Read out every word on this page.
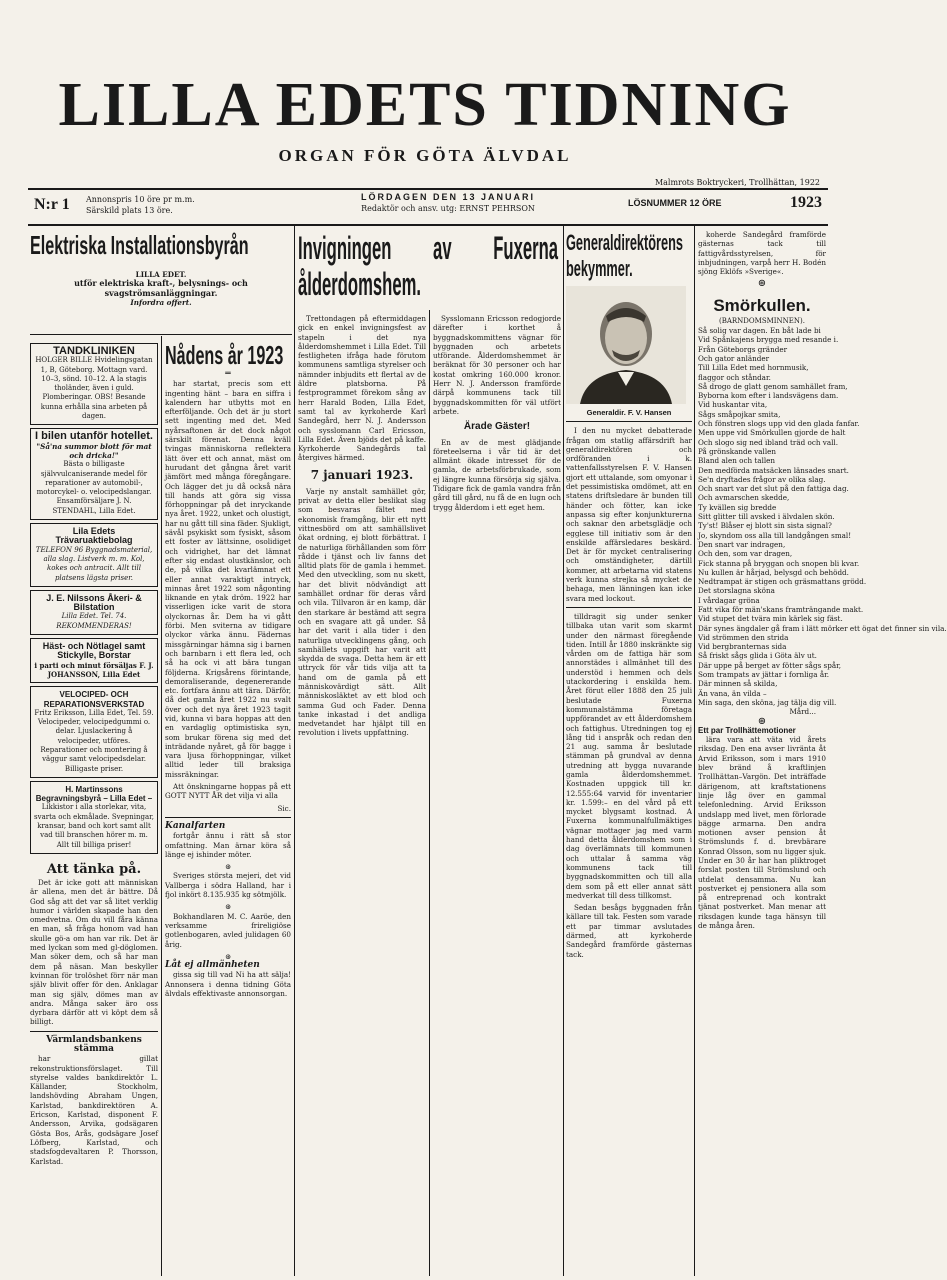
LILLA EDETS TIDNING
ORGAN FÖR GÖTA ÄLVDAL
Malmrots Boktryckeri, Trollhättan, 1922
N:r 1 Annonspris 10 öre pr m.m.
Särskild plats 13 öre.
LÖRDAGEN DEN 13 JANUARI
Redaktör och ansv. utg: ERNST PEHRSON
LÖSNUMMER 12 ÖRE	1923
Elektriska Installationsbyrån
LILLA EDET.
utför elektriska kraft-, belysnings- och svagströmsanläggningar.
Infordra offert.
TANDKLINIKEN
HOLGER BILLE Hvidelingsgatan 1, B, Göteborg. Mottagn vard. 10–3, sönd. 10–12. A la stagis tholänder, även i guld. Plomberingar. OBS! Besande kunna erhålla sina arbeten på dagen.
I bilen utanför hotellet.
"Så'na summor blott för mat och dricka!"
Bästa o billigaste självvulcaniserande medel för reparationer av automobil-, motorcykel- o. velocipedslangar. Ensamförsäljare J. N. STENDAHL, Lilla Edet.
Lila Edets Trävaruaktiebolag
TELEFON 96 Byggnadsmaterial, alla slag. Listverk m. m. Kol, kokes och antracit. Allt till platsens lägsta priser.
J. E. Nilssons Åkeri- & Bilstation
Lilla Edet. Tel. 74. REKOMMENDERAS!
Häst- och Nötlagel samt Stickylle, Borstar
i parti och minut försäljas F. J. JOHANSSON, Lilla Edet
VELOCIPED- OCH REPARATIONSVERKSTAD
Fritz Eriksson, Lilla Edet, Tel. 59. Velocipeder, velocipedgummi o. delar. Ljuslackering å velocipeder, utföres. Reparationer och montering å väggur samt velocipedsdelar. Billigaste priser.
H. Martinssons Begravningsbyrå – Lilla Edet –
Likkistor i alla storlekar, vita, svarta och ekmålade. Svepningar, kransar, band och kort samt allt vad till branschen hörer m. m. Allt till billiga priser!
Att tänka på.

Det är icke gott att människan är allena, men det är bättre. Då God såg att det var så litet verklig humor i världen skapade han den omedvetna. Om du vill fåra känna en man, så fråga honom vad han skulle gö-a om han var rik. Det är med lyckan som med gl-döglomen. Man söker dem, och så har man dem på näsan. Man beskyller kvinnan för trolöshet förr när man själv blivit offer för den. Anklagar man sig själv, dömes man av andra. Många saker äro oss dyrbara därför att vi köpt dem så billigt.

Värmlandsbankens stämma

har gillat rekonstruktionsförslaget. Till styrelse valdes bankdirektör L. Källander, Stockholm, landshövding Abraham Ungen, Karlstad, bankdirektören A. Ericson, Karlstad, disponent F. Andersson, Arvika, godsägaren Gösta Bos, Arås, godsägare Josef Löfberg, Karlstad, och stadsfogdevaltaren P. Thorsson, Karlstad.

Nådens år 1923
═

har startat, precis som ett ingenting hänt – bara en siffra i kalendern har utbytts mot en efterföljande. Och det är ju stort sett ingenting med det. Med nyårsaftonen är det dock något särskilt förenat. Denna kväll tvingas människorna reflektera lätt över ett och annat, mäst om hurudant det gångna året varit jämfört med många föregångare. Och lägger det ju då också nära till hands att göra sig vissa förhoppningar på det inryckande nya året. 1922, unket och olustigt, har nu gått till sina fäder. Sjukligt, sävål psykiskt som fysiskt, såsom ett foster av lättsinne, osolidiget och vidrighet, har det lämnat efter sig endast olustkänslor, och de, på vilka det kvarlämnat ett eller annat varaktigt intryck, minnas året 1922 som någonting liknande en ytak dröm. 1922 har visserligen icke varit de stora olyckornas år. Dem ha vi gått förbi. Men sviterna av tidigare olyckor värka ännu. Fädernas missgärningar hämna sig i barnen och barnbarn i ett flera led, och så ha ock vi att bära tungan följderna. Krigsårens förintande, demoraliserande, degenererande etc. fortfara ännu att tära. Därför, då det gamla året 1922 nu svalt över och det nya året 1923 tagit vid, kunna vi bara hoppas att den en vardaglig optimistiska syn, som brukar förena sig med det inträdande nyåret, gå för bagge i vara ljusa förhoppningar, vilket alltid leder till braksiga missräkningar.

Att önskningarne hoppas på ett GOTT NYTT ÅR det vilja vi alla

Sic.
Kanalfarten

fortgår ännu i rätt så stor omfattning. Man ärnar köra så länge ej ishinder möter.

⊛

Sveriges största mejeri, det vid Vallberga i södra Halland, har i fjol inkört 8.135.935 kg sötmjölk.

⊛

Bokhandlaren M. C. Aaröe, den verksamme frireligiöse gotlenbogaren, avled julidagen 60 årig.

⊛
Låt ej allmänheten

gissa sig till vad Ni ha att sälja! Annonsera i denna tidning Göta älvdals effektivaste annonsorgan.

Invigningen av Fuxerna ålderdomshem.

Trettondagen på eftermiddagen gick en enkel invigningsfest av stapeln i det nya ålderdomshemmet i Lilla Edet. Till festligheten ifråga hade förutom kommunens samtliga styrelser och nämnder inbjudits ett flertal av de äldre platsborna. På festprogrammet förekom sång av herr Harald Boden, Lilla Edet, samt tal av kyrkoherde Karl Sandegård, herr N. J. Andersson och sysslomann Carl Ericsson, Lilla Edet. Även bjöds det på kaffe. Kyrkoherde Sandegårds tal återgives härmed.

7 januari 1923.

Varje ny anstalt samhället gör, privat av detta eller beslikat slag som besvaras fältet med ekonomisk framgång, blir ett nytt vittnesbörd om att samhällslivet ökat ordning, ej blott förbättrat. I de naturliga förhållanden som förr rådde i tjänst och liv fanns det alltid plats för de gamla i hemmet. Med den utveckling, som nu skett, har det blivit nödvändigt att samhället ordnar för deras vård och vila. Tillvaron är en kamp, där den starkare är bestämd att segra och en svagare att gå under. Så har det varit i alla tider i den naturliga utvecklingens gång, och samhällets uppgift har varit att skydda de svaga. Detta hem är ett uttryck för vår tids vilja att ta hand om de gamla på ett människovärdigt sätt. Allt människosläktet av ett blod och samma Gud och Fader. Denna tanke inkastad i det andliga medvetandet har hjälpt till en revolution i livets uppfattning.

Sysslomann Ericsson redogjorde därefter i korthet å byggnadskommittens vägnar för byggnaden och arbetets utförande. Ålderdomshemmet är beräknat för 30 personer och har kostat omkring 160.000 kronor. Herr N. J. Andersson framförde därpå kommunens tack till byggnadskommitten för väl utfört arbete.

Ärade Gäster!

En av de mest glädjande företeelserna i vår tid är det allmänt ökade intresset för de gamla, de arbetsförbrukade, som ej längre kunna försörja sig själva. Tidigare fick de gamla vandra från gård till gård, nu få de en lugn och trygg ålderdom i ett eget hem.

Generaldirektörens bekymmer.
Generaldir. F. V. Hansen

I den nu mycket debatterade frågan om statlig affärsdrift har generaldirektören och ordföranden i k. vattenfallsstyrelsen F. V. Hansen gjort ett uttalande, som omyonar i det pessimistiska omdömet, att en statens driftsledare är bunden till händer och fötter, kan icke anpassa sig efter konjunkturerna och saknar den arbetsglädje och egglese till initiativ som är den enskilde affärsledares beskärd. Det är för mycket centralisering och omständigheter, därtill kommer, att arbetarna vid statens verk kunna strejka så mycket de behaga, men länningen kan icke svara med lockout.

tilldragit sig under senker tillbaka utan varit som skarmt under den närmast föregående tiden. Intill år 1880 inskränkte sig vården om de fattiga här som annorstädes i allmänhet till des understöd i hemmen och dels utackordering i enskilda hem. Året förut eller 1888 den 25 juli beslutade Fuxerna kommunalstämma företaga uppförandet av ett ålderdomshem och fattighus. Utredningen tog ej lång tid i anspråk och redan den 21 aug. samma år beslutade stämman på grundval av denna utredning att bygga nuvarande gamla ålderdomshemmet. Kostnaden uppgick till kr. 12.555:64 varvid för inventarier kr. 1.599:– en del vård på ett mycket blygsamt kostnad. A Fuxerna kommunalfullmäktiges vägnar mottager jag med varm hand detta ålderdomshem som i dag överlämnats till kommunen och uttalar å samma väg kommunens tack till byggnadskommitten och till alla dem som på ett eller annat sätt medverkat till dess tillkomst.

Sedan besågs byggnaden från källare till tak. Festen som varade ett par timmar avslutades därmed, att kyrkoherde Sandegård framförde gästernas tack.

koherde Sandegård framförde gästernas tack till fattigvårdsstyrelsen, för inbjudningen, varpå herr H. Bodén sjöng Eklöfs »Sverige«.

⊛
Smörkullen.
(BARNDOMSMINNEN).
Så solig var dagen. En båt lade bi
Vid Spånkajens brygga med resande i.
Från Göteborgs gränder
Och gator anländer
Till Lilla Edet med hornmusik,
flaggor och ståndar.
Så drogo de glatt genom samhället fram,
Byborna kom efter i landsvägens dam.
Vid huskantar vita,
Sågs småpojkar smita,
Och fönstren slogs upp vid den glada fanfar.
Men uppe vid Smörkullen gjorde de halt
Och slogo sig ned ibland träd och vall.
På grönskande vallen
Bland alen och tallen
Den medförda matsäcken länsades snart.
Se'n dryftades frågor av olika slag.
Och snart var det slut på den fattiga dag.
Och avmarschen skedde,
Ty kvällen sig bredde
Sitt glitter till avsked i älvdalen skön.
Ty'st! Blåser ej blott sin sista signal?
Jo, skyndom oss alla till landgången smal!
Den snart var indragen,
Och den, som var dragen,
Fick stanna på bryggan och snopen bli kvar.
Nu kullen är hårjad, belysgd och behödd.
Nedtrampat är stigen och gräsmattans grödd.
Det storslagna sköna
I vårdagar gröna
Fatt vika för män'skans framträngande makt.
Vid stupet det tvära min kärlek sig fäst.
Där synes ängdaler gå fram i lätt mörker ett ögat det finner sin vila.
Vid strömmen den strida
Vid bergbranternas sida
Så friskt sågs glida i Göta älv ut.
Där uppe på berget av fötter sågs spår,
Som trampats av jättar i fornliga år.
Där minnen så skilda,
Än vana, än vilda –
Min saga, den sköna, jag tälja dig vill.
Mård...
⊛
Ett par Trollhättemotioner

lära vara att väta vid årets riksdag. Den ena avser livränta åt Arvid Eriksson, som i mars 1910 blev bränd å kraftlinjen Trollhättan–Vargön. Det inträffade därigenom, att kraftstationens linje låg över en gammal telefonledning. Arvid Eriksson undslapp med livet, men förlorade bägge armarna. Den andra motionen avser pension åt Strömslunds f. d. brevbärare Konrad Olsson, som nu ligger sjuk. Under en 30 år har han pliktroget forslat posten till Strömslund och utdelat densamma. Nu kan postverket ej pensionera alla som på entreprenad och kontrakt tjänat postverket. Man menar att riksdagen kunde taga hänsyn till de många åren.
